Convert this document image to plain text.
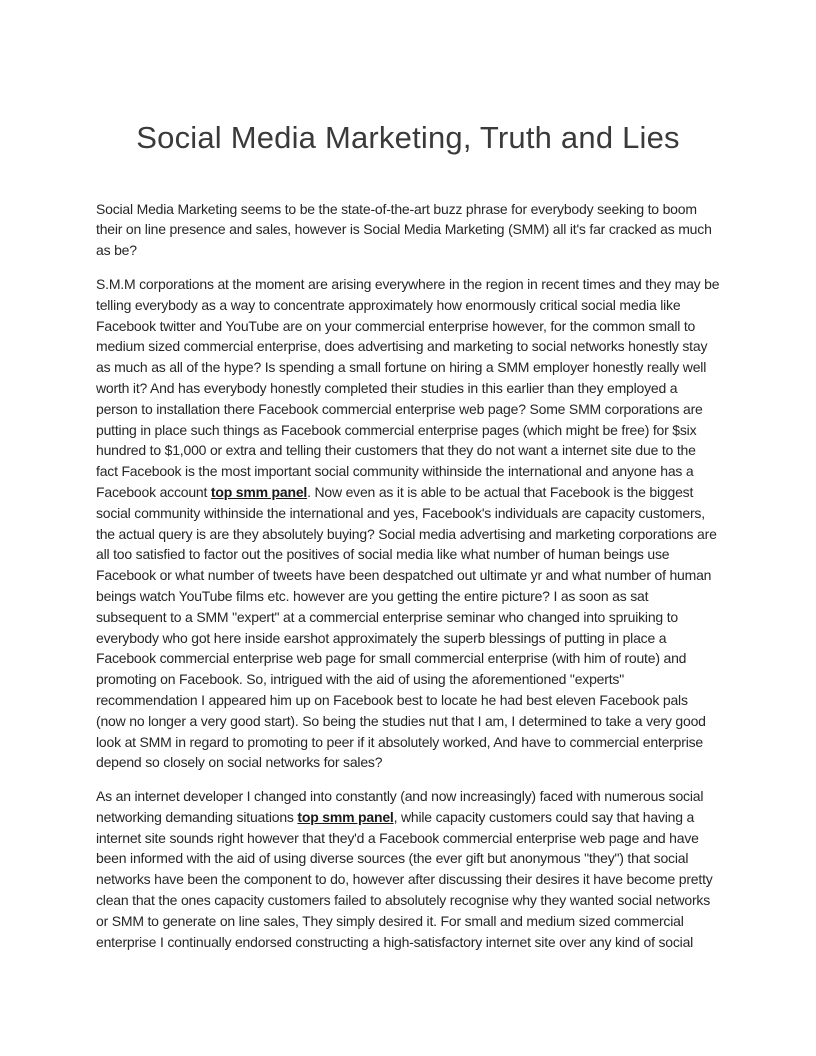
Social Media Marketing, Truth and Lies

Social Media Marketing seems to be the state-of-the-art buzz phrase for everybody seeking to boom their on line presence and sales, however is Social Media Marketing (SMM) all it's far cracked as much as be?

S.M.M corporations at the moment are arising everywhere in the region in recent times and they may be telling everybody as a way to concentrate approximately how enormously critical social media like Facebook twitter and YouTube are on your commercial enterprise however, for the common small to medium sized commercial enterprise, does advertising and marketing to social networks honestly stay as much as all of the hype? Is spending a small fortune on hiring a SMM employer honestly really well worth it? And has everybody honestly completed their studies in this earlier than they employed a person to installation there Facebook commercial enterprise web page? Some SMM corporations are putting in place such things as Facebook commercial enterprise pages (which might be free) for $six hundred to $1,000 or extra and telling their customers that they do not want a internet site due to the fact Facebook is the most important social community withinside the international and anyone has a Facebook account top smm panel. Now even as it is able to be actual that Facebook is the biggest social community withinside the international and yes, Facebook's individuals are capacity customers, the actual query is are they absolutely buying? Social media advertising and marketing corporations are all too satisfied to factor out the positives of social media like what number of human beings use Facebook or what number of tweets have been despatched out ultimate yr and what number of human beings watch YouTube films etc. however are you getting the entire picture? I as soon as sat subsequent to a SMM "expert" at a commercial enterprise seminar who changed into spruiking to everybody who got here inside earshot approximately the superb blessings of putting in place a Facebook commercial enterprise web page for small commercial enterprise (with him of route) and promoting on Facebook. So, intrigued with the aid of using the aforementioned "experts" recommendation I appeared him up on Facebook best to locate he had best eleven Facebook pals (now no longer a very good start). So being the studies nut that I am, I determined to take a very good look at SMM in regard to promoting to peer if it absolutely worked, And have to commercial enterprise depend so closely on social networks for sales?

As an internet developer I changed into constantly (and now increasingly) faced with numerous social networking demanding situations top smm panel, while capacity customers could say that having a internet site sounds right however that they'd a Facebook commercial enterprise web page and have been informed with the aid of using diverse sources (the ever gift but anonymous "they") that social networks have been the component to do, however after discussing their desires it have become pretty clean that the ones capacity customers failed to absolutely recognise why they wanted social networks or SMM to generate on line sales, They simply desired it. For small and medium sized commercial enterprise I continually endorsed constructing a high-satisfactory internet site over any kind of social
